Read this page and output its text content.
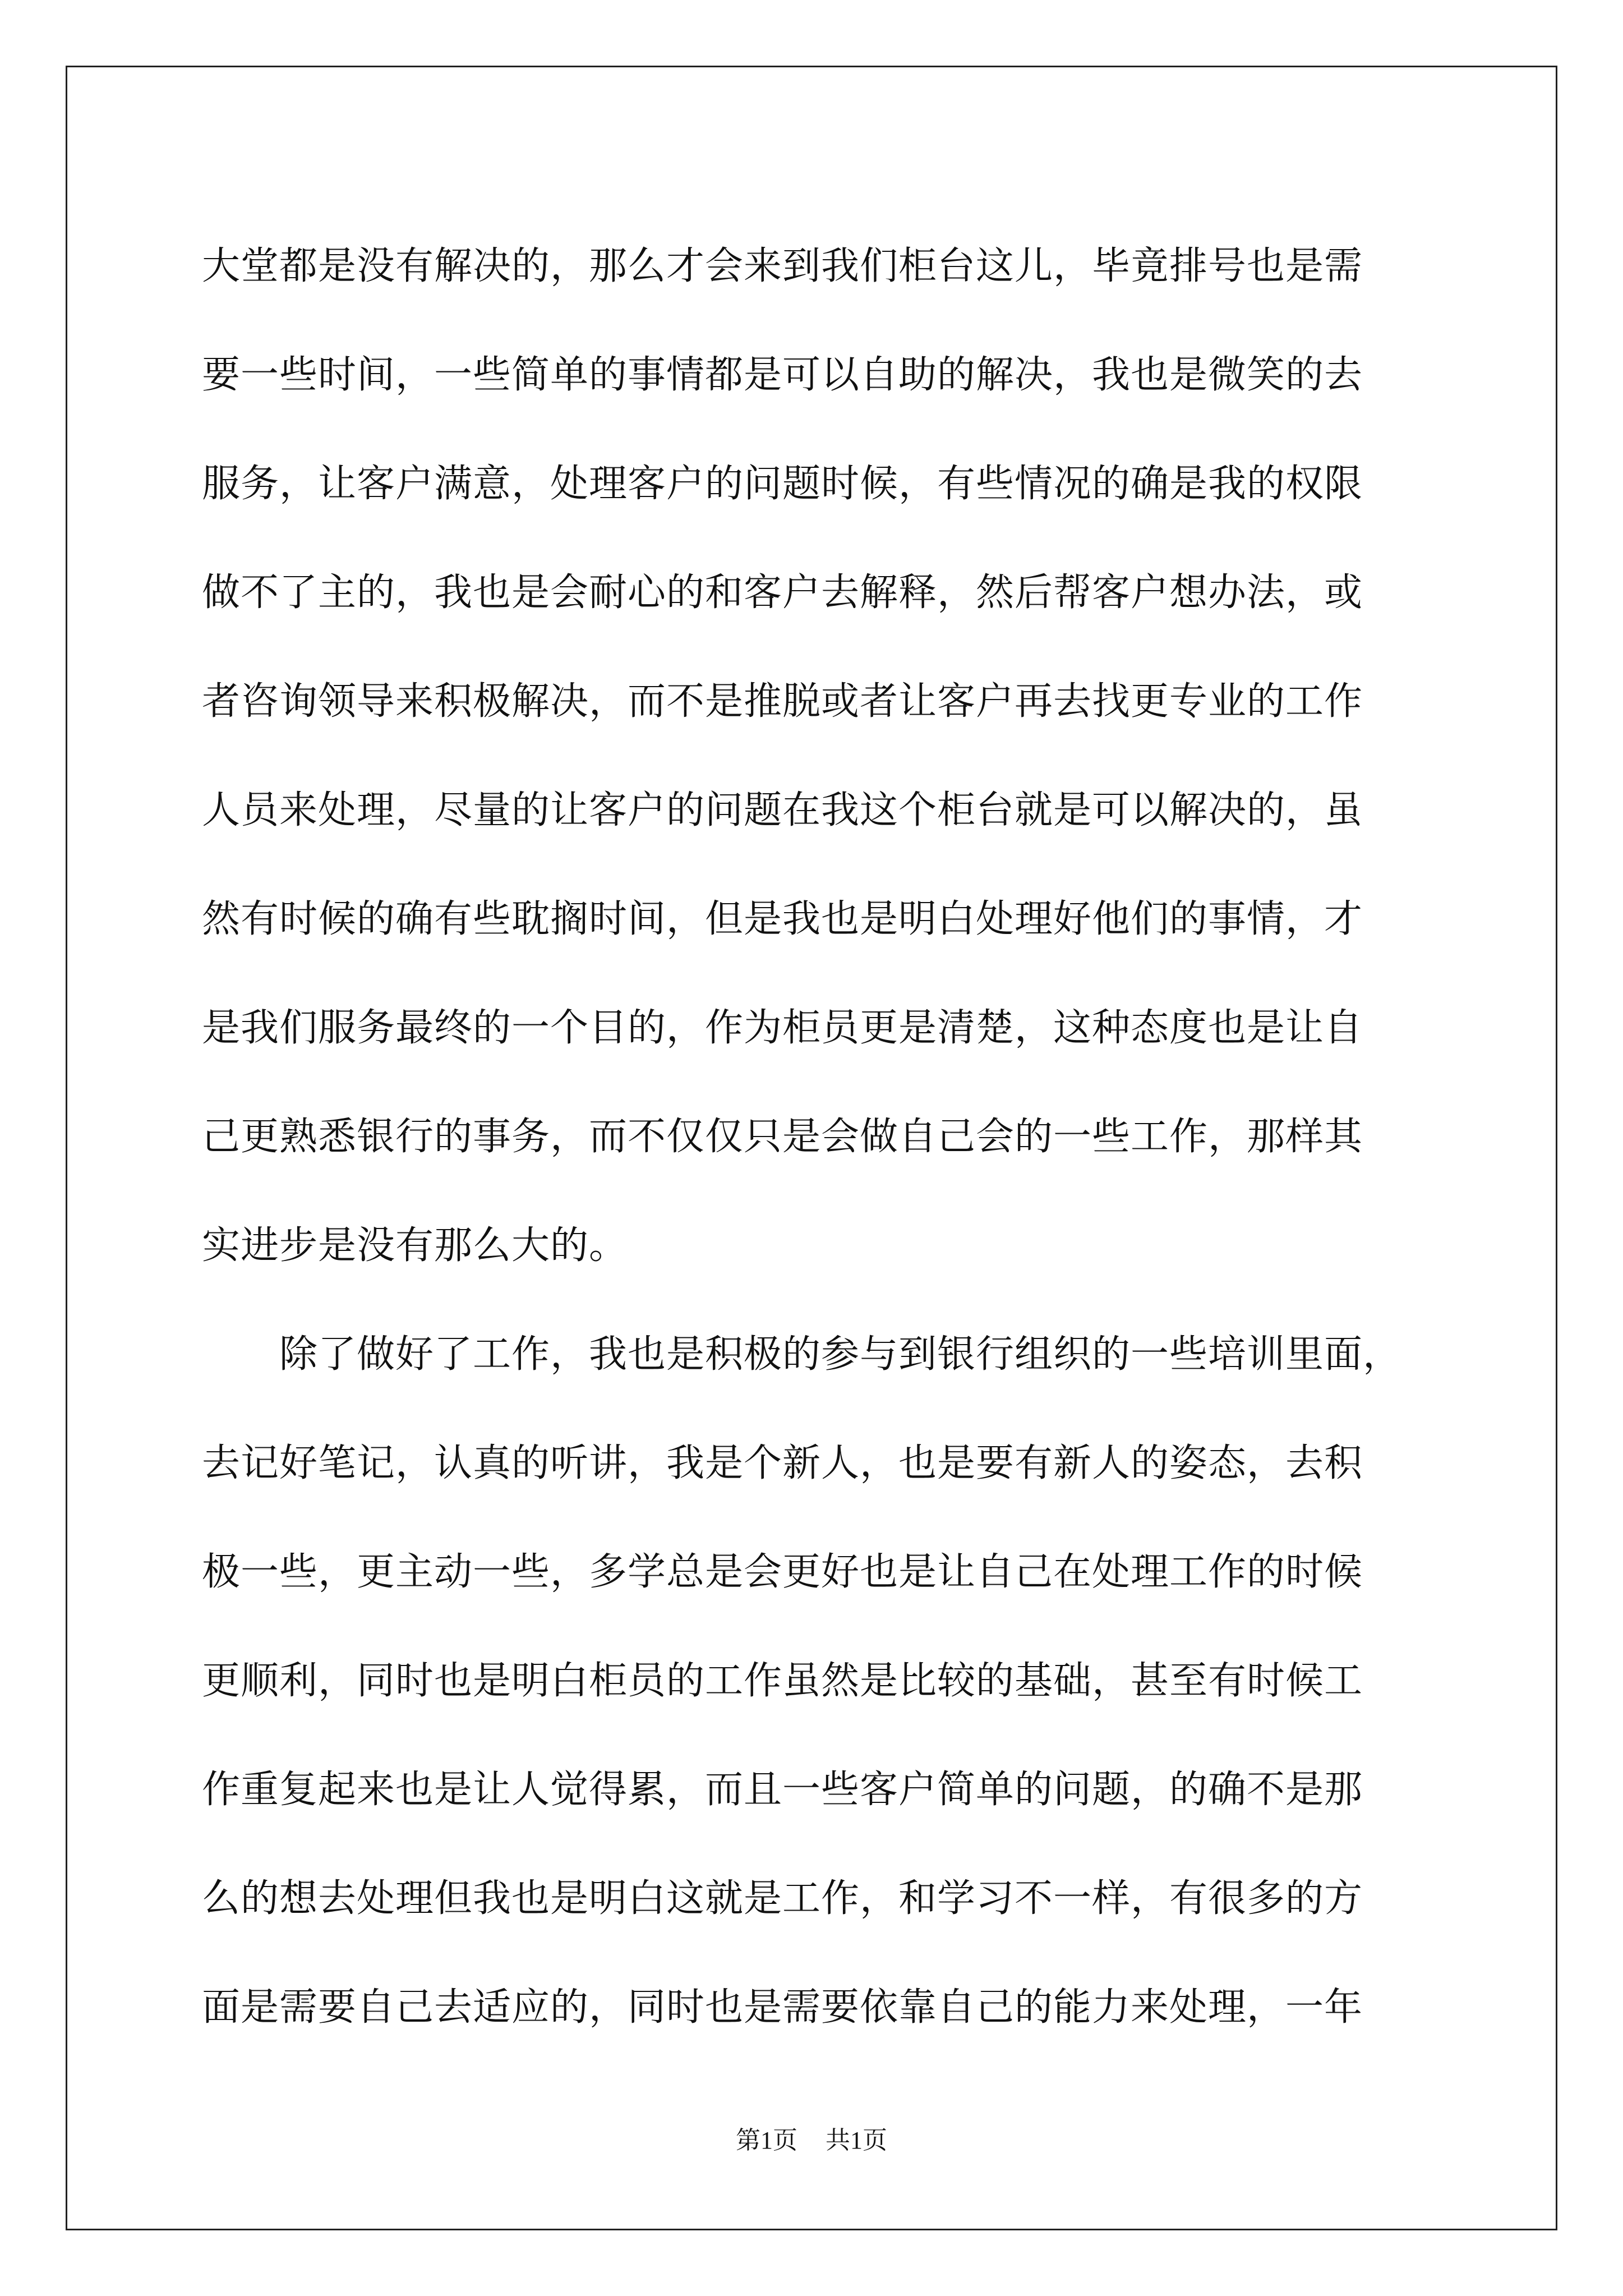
大堂都是没有解决的，那么才会来到我们柜台这儿，毕竟排号也是需
要一些时间，一些简单的事情都是可以自助的解决，我也是微笑的去
服务，让客户满意，处理客户的问题时候，有些情况的确是我的权限
做不了主的，我也是会耐心的和客户去解释，然后帮客户想办法，或
者咨询领导来积极解决，而不是推脱或者让客户再去找更专业的工作
人员来处理，尽量的让客户的问题在我这个柜台就是可以解决的，虽
然有时候的确有些耽搁时间，但是我也是明白处理好他们的事情，才
是我们服务最终的一个目的，作为柜员更是清楚，这种态度也是让自
己更熟悉银行的事务，而不仅仅只是会做自己会的一些工作，那样其
实进步是没有那么大的。
　　除了做好了工作，我也是积极的参与到银行组织的一些培训里面，
去记好笔记，认真的听讲，我是个新人，也是要有新人的姿态，去积
极一些，更主动一些，多学总是会更好也是让自己在处理工作的时候
更顺利，同时也是明白柜员的工作虽然是比较的基础，甚至有时候工
作重复起来也是让人觉得累，而且一些客户简单的问题，的确不是那
么的想去处理但我也是明白这就是工作，和学习不一样，有很多的方
面是需要自己去适应的，同时也是需要依靠自己的能力来处理，一年
第1页 共1页
